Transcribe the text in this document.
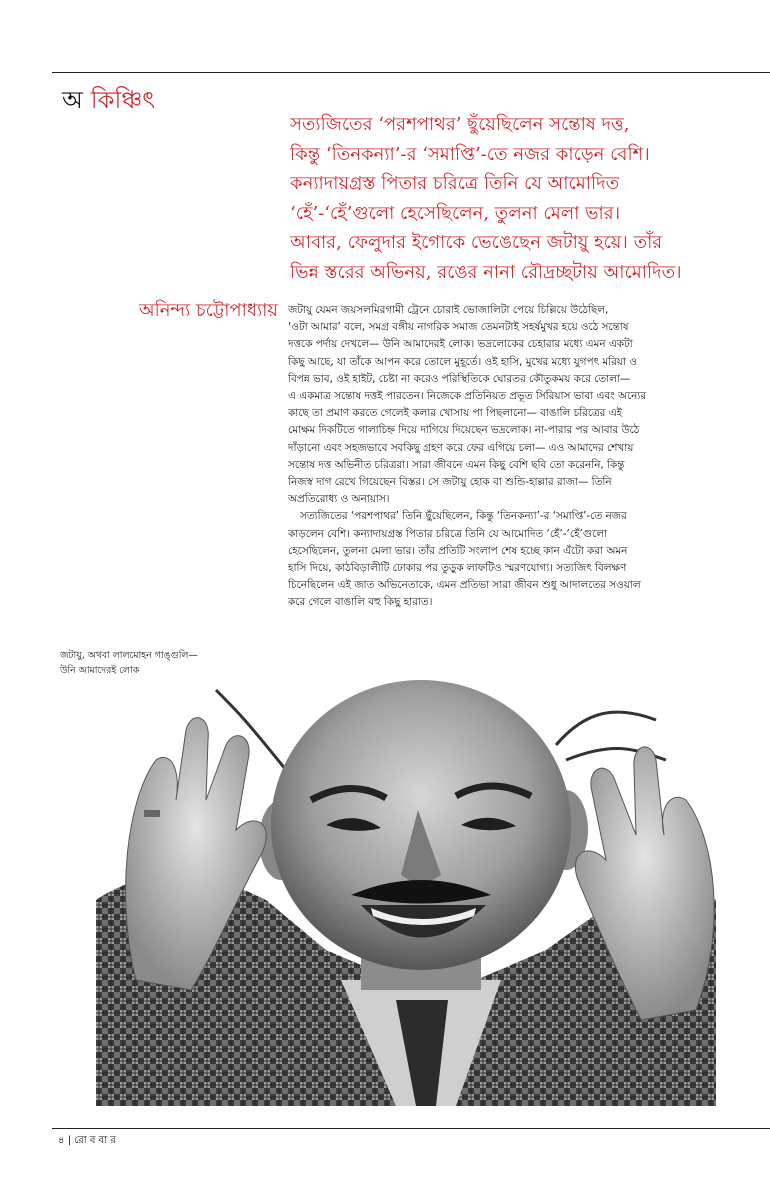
অ কিঞ্চিৎ
সত্যজিতের ‘পরশপাথর’ ছুঁয়েছিলেন সন্তোষ দত্ত,
কিন্তু ‘তিনকন্যা’-র ‘সমাপ্তি’-তে নজর কাড়েন বেশি।
কন্যাদায়গ্রস্ত পিতার চরিত্রে তিনি যে আমোদিত
‘হেঁ’-‘হেঁ’গুলো হেসেছিলেন, তুলনা মেলা ভার।
আবার, ফেলুদার ইগোকে ভেঙেছেন জটায়ু হয়ে। তাঁর
ভিন্ন স্তরের অভিনয়, রঙের নানা রৌদ্রচ্ছটায় আমোদিত।
অনিন্দ্য চট্টোপাধ্যায় জটায়ু যেমন জয়সলমিরগামী ট্রেনে চোরাই ভোজালিটা পেয়ে চিল্লিয়ে উঠেছিল,
‘ওটা আমার’ বলে, সমগ্র বঙ্গীয় নাগরিক সমাজ তেমনটাই সহর্ষমুখর হয়ে ওঠে সন্তোষ
দত্তকে পর্দায় দেখলে— উনি আমাদেরই লোক। ভদ্রলোকের চেহারার মধ্যে এমন একটা
কিছু আছে, যা তাঁকে আপন করে তোলে মুহূর্তে। ওই হাসি, মুখের মধ্যে যুগপৎ মরিয়া ও
বিপন্ন ভাব, ওই হাইট, চেষ্টা না করেও পরিস্থিতিকে ঘোরতর কৌতুকময় করে তোলা—
এ একমাত্র সন্তোষ দত্তই পারতেন। নিজেকে প্রতিনিয়ত প্রভূত সিরিয়াস ভাবা এবং অন্যের
কাছে তা প্রমাণ করতে গেলেই কলার খোসায় পা পিছলানো— বাঙালি চরিত্রের এই
মোক্ষম দিকটিতে গালাচিহ্ন দিয়ে দাগিয়ে দিয়েছেন ভদ্রলোক। না-পারার পর আবার উঠে
দাঁড়ানো এবং সহজভাবে সবকিছু গ্রহণ করে ফের এগিয়ে চলা— এও আমাদের শেখায়
সন্তোষ দত্ত অভিনীত চরিত্ররা। সারা জীবনে এমন কিছু বেশি ছবি তো করেননি, কিন্তু
নিজস্ব দাগ রেখে গিয়েছেন বিস্তর। সে জটায়ু হোক বা শুন্ডি-হাল্লার রাজা— তিনি
অপ্রতিরোধ্য ও অনায়াস।
সত্যজিতের ‘পরশপাথর’ তিনি ছুঁয়েছিলেন, কিন্তু ‘তিনকন্যা’-র ‘সমাপ্তি’-তে নজর
কাড়লেন বেশি। কন্যাদায়গ্রস্ত পিতার চরিত্রে তিনি যে আমোদিত ‘হেঁ’-‘হেঁ’গুলো
হেসেছিলেন, তুলনা মেলা ভার। তাঁর প্রতিটি সংলাপ শেষ হচ্ছে কান এঁটো করা অমন
হাসি দিয়ে, কাঠবিড়ালীটি ঢোকার পর তুড়ুক লাফটিও স্মরণযোগ্য। সত্যজিৎ বিলক্ষণ
চিনেছিলেন এই জাত অভিনেতাকে, এমন প্রতিভা সারা জীবন শুধু আদালতের সওয়াল
করে গেলে বাঙালি বহু কিছু হারাত।
জটায়ু, অথবা লালমোহন গাঙ্গুলি—
উনি আমাদেরই লোক
৪ | রো ব বা র
